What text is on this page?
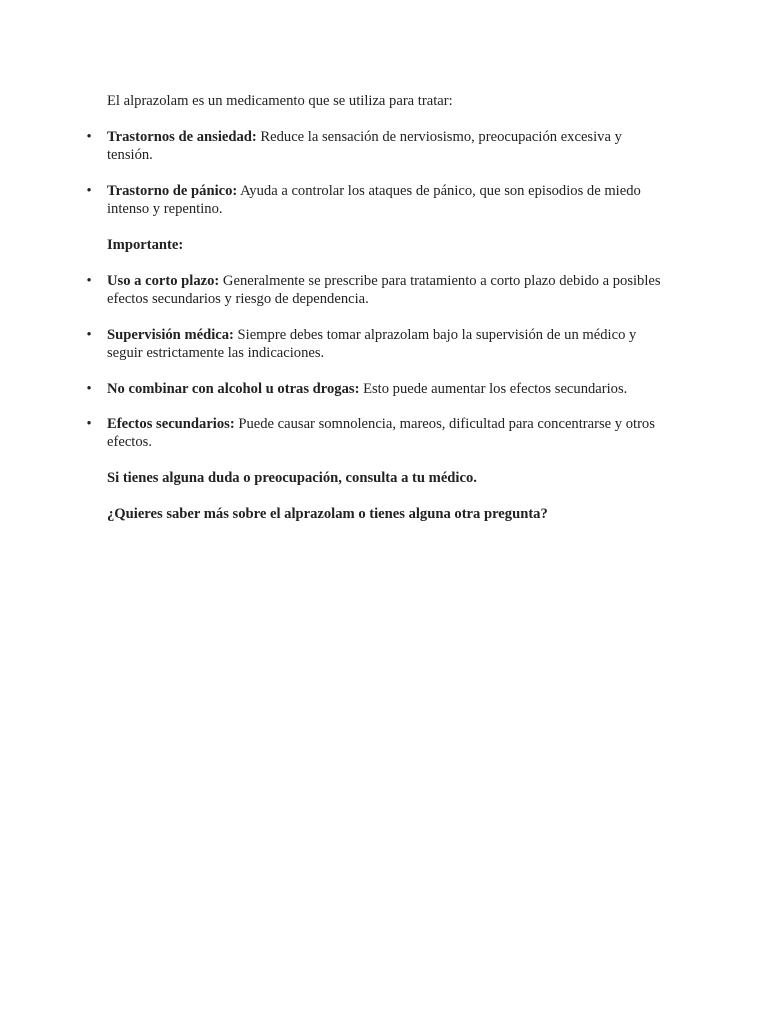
El alprazolam es un medicamento que se utiliza para tratar:

• Trastornos de ansiedad: Reduce la sensación de nerviosismo, preocupación excesiva y tensión.
• Trastorno de pánico: Ayuda a controlar los ataques de pánico, que son episodios de miedo intenso y repentino.

Importante:

• Uso a corto plazo: Generalmente se prescribe para tratamiento a corto plazo debido a posibles efectos secundarios y riesgo de dependencia.
• Supervisión médica: Siempre debes tomar alprazolam bajo la supervisión de un médico y seguir estrictamente las indicaciones.
• No combinar con alcohol u otras drogas: Esto puede aumentar los efectos secundarios.
• Efectos secundarios: Puede causar somnolencia, mareos, dificultad para concentrarse y otros efectos.

Si tienes alguna duda o preocupación, consulta a tu médico.

¿Quieres saber más sobre el alprazolam o tienes alguna otra pregunta?
